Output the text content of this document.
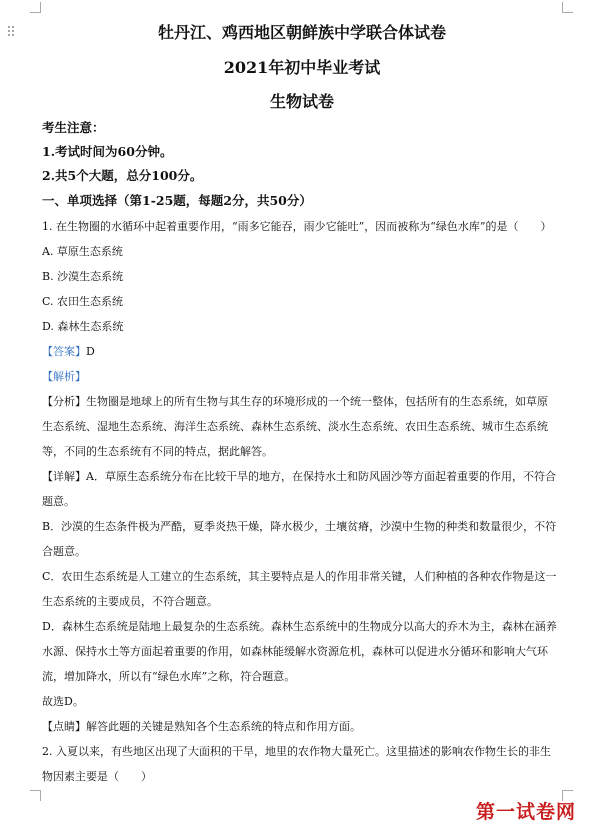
牡丹江、鸡西地区朝鲜族中学联合体试卷
2021年初中毕业考试
生物试卷
考生注意：
1.考试时间为60分钟。
2.共5个大题，总分100分。
一、单项选择（第1-25题，每题2分，共50分）
1. 在生物圈的水循环中起着重要作用，“雨多它能吞，雨少它能吐”，因而被称为“绿色水库”的是（　　）
A. 草原生态系统
B. 沙漠生态系统
C. 农田生态系统
D. 森林生态系统
【答案】D
【解析】
【分析】生物圈是地球上的所有生物与其生存的环境形成的一个统一整体，包括所有的生态系统，如草原
生态系统、湿地生态系统、海洋生态系统、森林生态系统、淡水生态系统、农田生态系统、城市生态系统
等，不同的生态系统有不同的特点，据此解答。
【详解】A．草原生态系统分布在比较干旱的地方，在保持水土和防风固沙等方面起着重要的作用，不符合
题意。
B．沙漠的生态条件极为严酷，夏季炎热干燥，降水极少，土壤贫瘠，沙漠中生物的种类和数量很少，不符
合题意。
C．农田生态系统是人工建立的生态系统，其主要特点是人的作用非常关键，人们种植的各种农作物是这一
生态系统的主要成员，不符合题意。
D．森林生态系统是陆地上最复杂的生态系统。森林生态系统中的生物成分以高大的乔木为主，森林在涵养
水源、保持水土等方面起着重要的作用，如森林能缓解水资源危机，森林可以促进水分循环和影响大气环
流，增加降水，所以有“绿色水库”之称，符合题意。
故选D。
【点睛】解答此题的关键是熟知各个生态系统的特点和作用方面。
2. 入夏以来，有些地区出现了大面积的干旱，地里的农作物大量死亡。这里描述的影响农作物生长的非生
物因素主要是（　　）
第一试卷网
